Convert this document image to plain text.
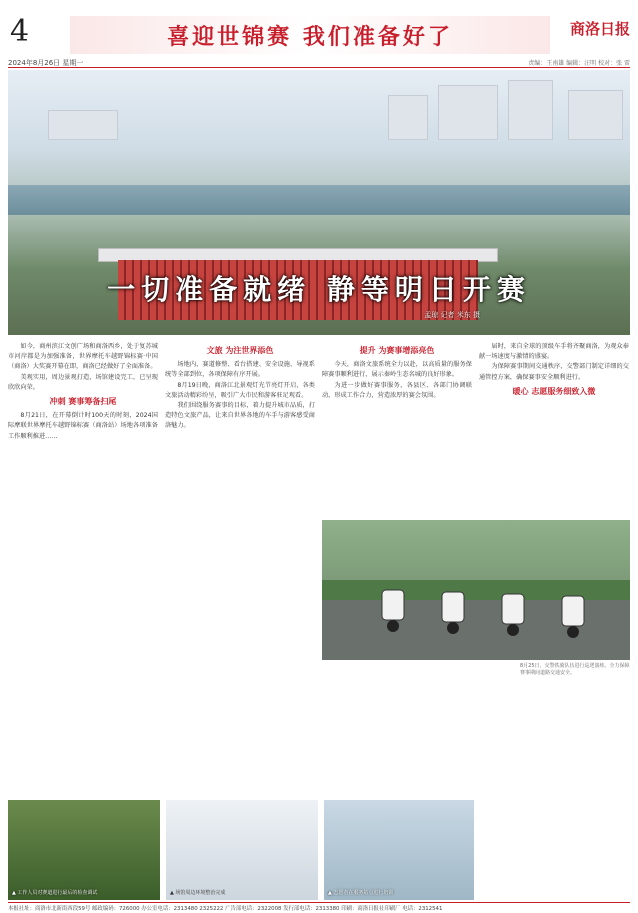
4	喜迎世锦赛 我们准备好了	商洛日报
2024年8月26日 星期一	责编：王南雄 编辑：汪明 校对：张 雷
一切准备就绪 静等明日开赛
孟琼 记者 米东 摄

如今，商州滨江文创广场和商洛西乡，处于复苏城市河岸都是为加强准备，世界摩托车越野锦标赛·中国（商洛）大奖赛开幕在即，商洛已经做好了全面准备。

美观实用，周边景观打造，场馆建设完工，已呈现欣欣向荣。

冲刺 赛事筹备扫尾

8月21日，在开幕倒计时100天的时刻，2024国际摩联世界摩托车越野锦标赛（商洛站）场地各项准备工作顺利推进……

文旅 为注世界添色

场地内，赛道修整、看台搭建、安全设施、导视系统等全部到位，各项保障有序开展。

8月19日晚，商洛江北景观灯光节亮灯开启，各类文旅活动精彩纷呈，吸引广大市民和游客驻足观看。

我们围绕服务赛事的目标，着力提升城市品质，打造特色文旅产品，让来自世界各地的车手与游客感受商洛魅力。

提升 为赛事增添亮色

今天，商洛文旅系统全力以赴，以高质量的服务保障赛事顺利进行，展示秦岭生态名城的良好形象。

为进一步做好赛事服务，各县区、各部门协调联动，形成工作合力，营造浓厚的赛会氛围。

届时，来自全球的顶级车手将齐聚商洛，为观众奉献一场速度与激情的盛宴。

为保障赛事期间交通秩序，交警部门制定详细的交通管控方案，确保赛事安全顺利进行。

暖心 志愿服务细致入微
8月25日，交警铁骑队伍进行巡逻演练，全力保障赛事期间道路交通安全。
▲ 工作人员对赛道进行最后的检查调试	▲ 场馆周边环境整治完成	▲ 志愿者在服务站点进行培训
本报社址：商洛市北新街西段59号 邮政编码：726000 办公室电话：2313480 2325222 广告部电话：2322008 发行部电话：2313380 印刷：商洛日报社印刷厂 电话：2312541
